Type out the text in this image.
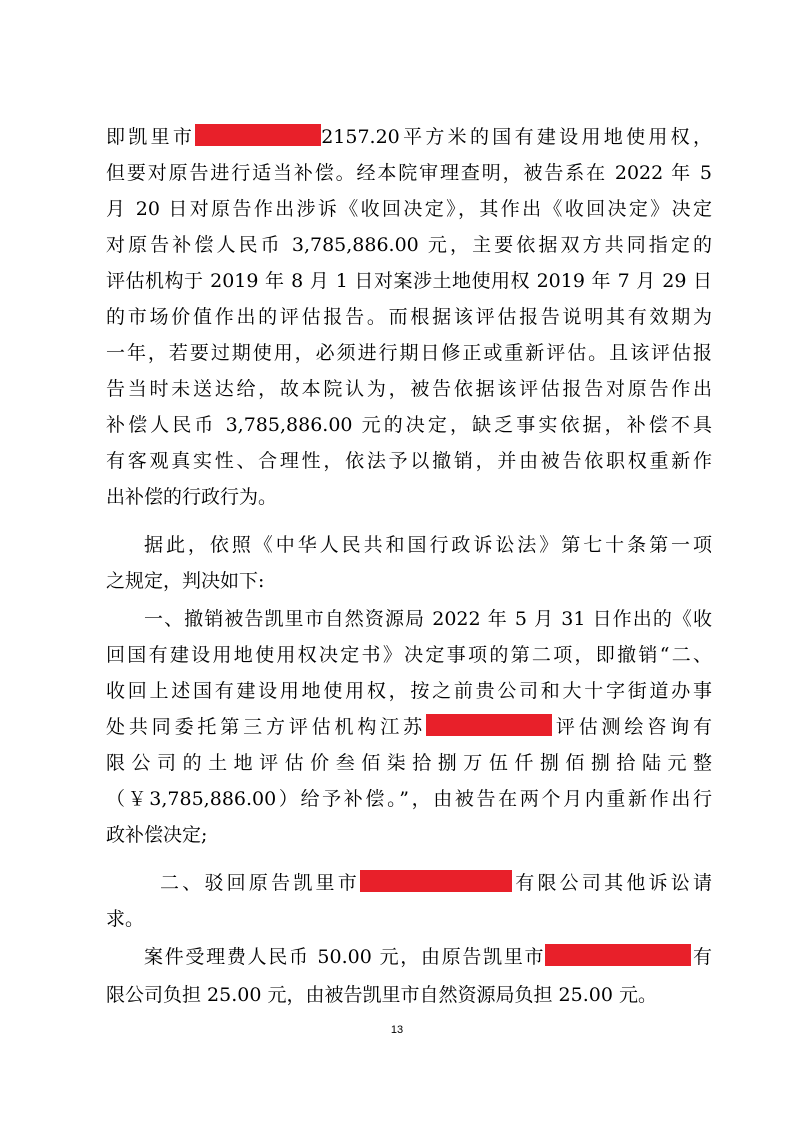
即凯里市	2157.20平方米的国有建设用地使用权，
但要对原告进行适当补偿。经本院审理查明，被告系在 2022 年 5
月 20 日对原告作出涉诉《收回决定》，其作出《收回决定》决定
对原告补偿人民币 3,785,886.00 元，主要依据双方共同指定的
评估机构于 2019 年 8 月 1 日对案涉土地使用权 2019 年 7 月 29 日
的市场价值作出的评估报告。而根据该评估报告说明其有效期为
一年，若要过期使用，必须进行期日修正或重新评估。且该评估报
告当时未送达给，故本院认为，被告依据该评估报告对原告作出
补偿人民币 3,785,886.00 元的决定，缺乏事实依据，补偿不具
有客观真实性、合理性，依法予以撤销，并由被告依职权重新作
出补偿的行政行为。
据此，依照《中华人民共和国行政诉讼法》第七十条第一项
之规定，判决如下:
一、撤销被告凯里市自然资源局 2022 年 5 月 31 日作出的《收
回国有建设用地使用权决定书》决定事项的第二项，即撤销“二、
收回上述国有建设用地使用权，按之前贵公司和大十字街道办事
处共同委托第三方评估机构江苏	评估测绘咨询有
限公司的土地评估价叁佰柒拾捌万伍仟捌佰捌拾陆元整
（￥3,785,886.00）给予补偿。”，由被告在两个月内重新作出行
政补偿决定;
二、驳回原告凯里市	有限公司其他诉讼请
求。
案件受理费人民币 50.00 元，由原告凯里市	有
限公司负担 25.00 元，由被告凯里市自然资源局负担 25.00 元。
13
